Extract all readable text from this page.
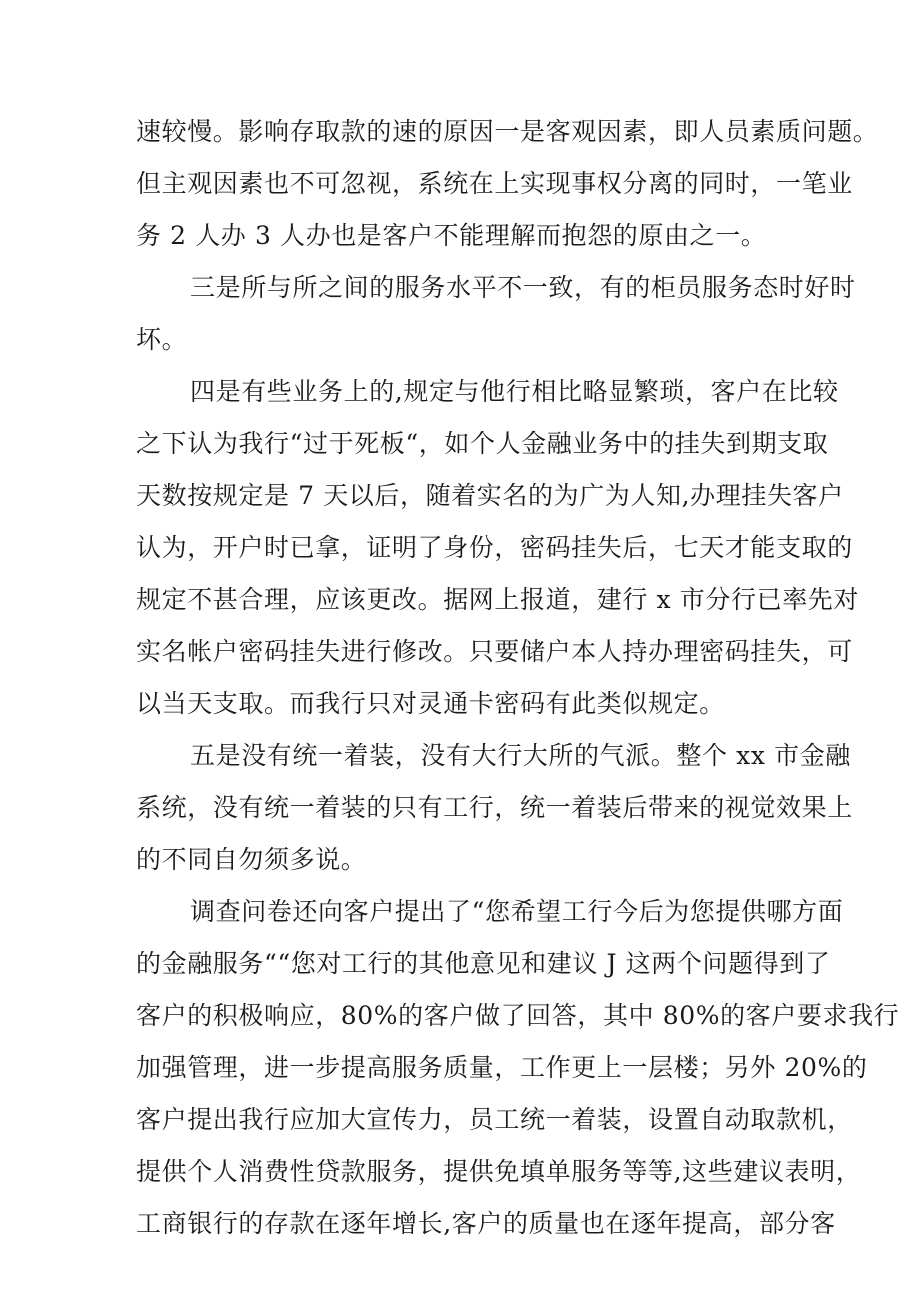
速较慢。影响存取款的速的原因一是客观因素，即人员素质问题。
但主观因素也不可忽视，系统在上实现事权分离的同时，一笔业
务 2 人办 3 人办也是客户不能理解而抱怨的原由之一。
三是所与所之间的服务水平不一致，有的柜员服务态时好时
坏。
四是有些业务上的,规定与他行相比略显繁琐，客户在比较
之下认为我行“过于死板“，如个人金融业务中的挂失到期支取
天数按规定是 7 天以后，随着实名的为广为人知,办理挂失客户
认为，开户时已拿，证明了身份，密码挂失后，七天才能支取的
规定不甚合理，应该更改。据网上报道，建行 x 市分行已率先对
实名帐户密码挂失进行修改。只要储户本人持办理密码挂失，可
以当天支取。而我行只对灵通卡密码有此类似规定。
五是没有统一着装，没有大行大所的气派。整个 xx 市金融
系统，没有统一着装的只有工行，统一着装后带来的视觉效果上
的不同自勿须多说。
调查问卷还向客户提出了“您希望工行今后为您提供哪方面
的金融服务““您对工行的其他意见和建议 J 这两个问题得到了
客户的积极响应，80%的客户做了回答，其中 80%的客户要求我行
加强管理，进一步提高服务质量，工作更上一层楼；另外 20%的
客户提出我行应加大宣传力，员工统一着装，设置自动取款机，
提供个人消费性贷款服务，提供免填单服务等等,这些建议表明，
工商银行的存款在逐年增长,客户的质量也在逐年提高，部分客
